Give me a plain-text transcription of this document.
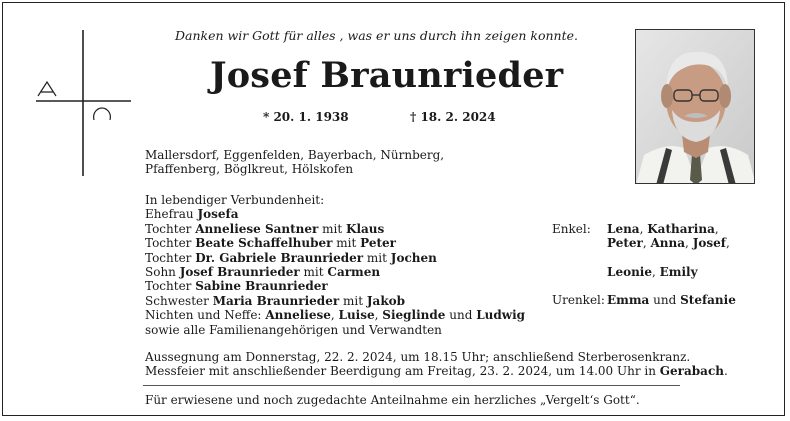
Danken wir Gott für alles , was er uns durch ihn zeigen konnte.
Josef Braunrieder
* 20. 1. 1938	† 18. 2. 2024
Mallersdorf, Eggenfelden, Bayerbach, Nürnberg,
Pfaffenberg, Böglkreut, Hölskofen
In lebendiger Verbundenheit:
Ehefrau Josefa
Tochter Anneliese Santner mit Klaus
Tochter Beate Schaffelhuber mit Peter
Tochter Dr. Gabriele Braunrieder mit Jochen
Sohn Josef Braunrieder mit Carmen
Tochter Sabine Braunrieder
Schwester Maria Braunrieder mit Jakob
Nichten und Neffe: Anneliese, Luise, Sieglinde und Ludwig
sowie alle Familienangehörigen und Verwandten
Enkel: Lena, Katharina,
Peter, Anna, Josef,
Leonie, Emily
Urenkel: Emma und Stefanie
Aussegnung am Donnerstag, 22. 2. 2024, um 18.15 Uhr; anschließend Sterberosenkranz.
Messfeier mit anschließender Beerdigung am Freitag, 23. 2. 2024, um 14.00 Uhr in Gerabach.
Für erwiesene und noch zugedachte Anteilnahme ein herzliches „Vergelt‘s Gott“.
